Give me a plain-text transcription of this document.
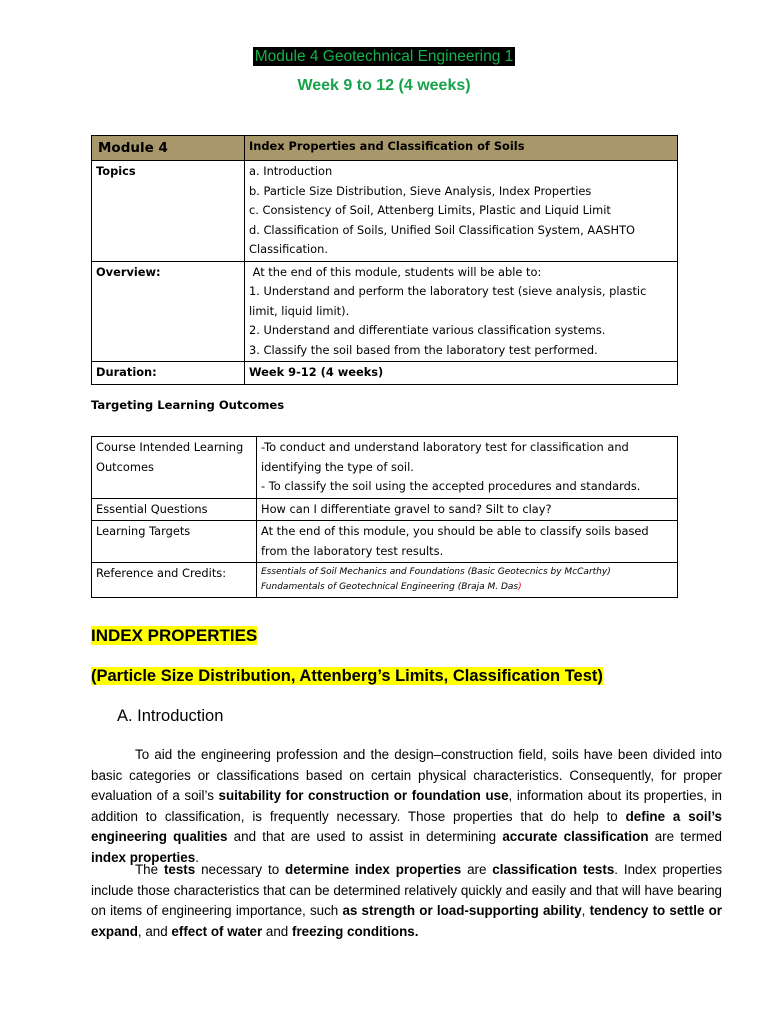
Module 4 Geotechnical Engineering 1
Week 9 to 12 (4 weeks)
Module 4	Index Properties and Classification of Soils
Topics	a. Introduction
b. Particle Size Distribution, Sieve Analysis, Index Properties
c. Consistency of Soil, Attenberg Limits, Plastic and Liquid Limit
d. Classification of Soils, Unified Soil Classification System, AASHTO Classification.

Overview:	At the end of this module, students will be able to:
1. Understand and perform the laboratory test (sieve analysis, plastic limit, liquid limit).
2. Understand and differentiate various classification systems.
3. Classify the soil based from the laboratory test performed.

Duration:	Week 9-12 (4 weeks)
Targeting Learning Outcomes
Course Intended Learning Outcomes	-To conduct and understand laboratory test for classification and identifying the type of soil.
- To classify the soil using the accepted procedures and standards.

Essential Questions	How can I differentiate gravel to sand? Silt to clay?
Learning Targets	At the end of this module, you should be able to classify soils based from the laboratory test results.
Reference and Credits:	Essentials of Soil Mechanics and Foundations (Basic Geotecnics by McCarthy)
Fundamentals of Geotechnical Engineering (Braja M. Das)
INDEX PROPERTIES
(Particle Size Distribution, Attenberg’s Limits, Classification Test)
A. Introduction
To aid the engineering profession and the design–construction field, soils have been divided into basic categories or classifications based on certain physical characteristics. Consequently, for proper evaluation of a soil’s suitability for construction or foundation use, information about its properties, in addition to classification, is frequently necessary. Those properties that do help to define a soil’s engineering qualities and that are used to assist in determining accurate classification are termed index properties.
The tests necessary to determine index properties are classification tests. Index properties include those characteristics that can be determined relatively quickly and easily and that will have bearing on items of engineering importance, such as strength or load-supporting ability, tendency to settle or expand, and effect of water and freezing conditions.
